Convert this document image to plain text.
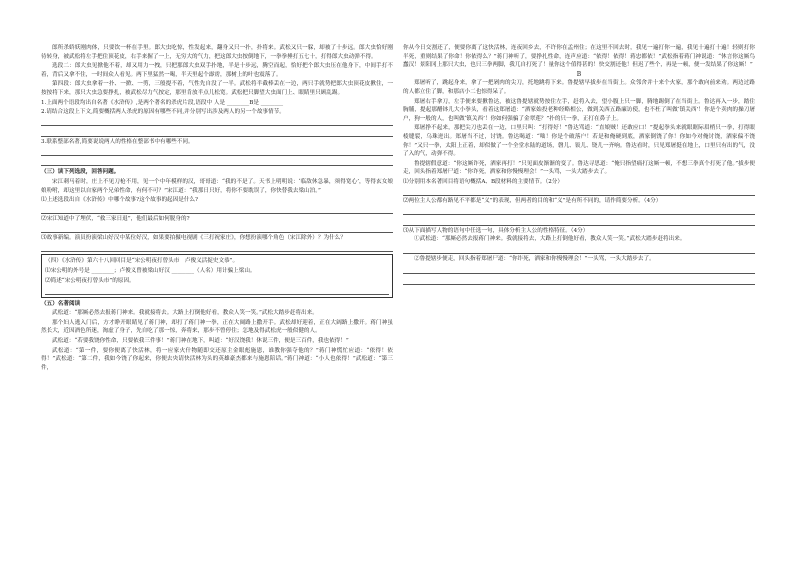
郎所杀娇妖刚肉体，只要饮一杯在手里。郎大虫吃惊，性发起来，翻身又只一扑，扑将来。武松又只一躲，却被了十步远。郎大虫恰好刚待转身，被武松将左手把住顶花皮，右手来握了一上，无穷大的气力，把这郎大虫按倒地下，一拳拳捶打五七十，打得郎大虫动弹不得。

选段二：郎大虫见掀他不着，却又用力一拽，只把那郎大虫双手扑地，半是十步远，腾空而起，恰好把个郎大虫压在他身下，中间手打不着，背后又拿不住，一时间众人看见。两下里猛然一喝，半天里起个霹雳，那树上的叶也震落了。

第四段：郎大虫拿着一扑、一掀、一剪，三般提不着，气性先自没了一半。武松将半截棒丢在一边，两只手就势把郎大虫顶花皮揪住，一按按将下来，那只大虫急要挣扎，被武松尽力气按定，那里肯放半点儿松宽。武松把只脚望大虫面门上、眼睛里只顾乱踢。

1.上面两个语段均出自名著《水浒传》,是两个著名的杀虎片段,语段中 人是 ________B是 ________

2.请结合这段上下文,简要概括两人杀虎的原因有哪些不同,并分别写出涉及两人的另一个故事情节。

3.联系整部名著,简要说说两人的性格在整部书中有哪些不同。

（三）读下列选段，回答问题。

宋江刺马着时，庄上不见刀枪不用，见一个中年模样的汉，哥哥道：“我的不是了。天书上明明说：‘临敌休急暴，须得宽心’，等得玄女娘娘吩咐，却这里以自家两个兄弟性命，有何不可？”宋江道：“我那日只好，将你不要耽误了，你快替我去梁山泊。”

⑴上述选段出自《水浒传》中哪个故事?这个故事的起因是什么?

⑵宋江知道中了埋伏，“救三家日退”，他们最后如何脱身的?

⑶故事新编。演员扮演梁山好汉中某位好汉，如果要拍摄电视剧《三打祝家庄》，你想扮演哪个角色（宋江除外）？为什么？

（四）《水浒传》第六十八回回目是“宋公明夜打曾头市　卢俊义活捉史文恭”。

⑴宋公明的外号是 ________；卢俊义曾被梁山好汉 ________（人名）用计骗上梁山。

⑵简述“宋公明夜打曾头市”的原因。

（五）名著阅读

武松道：“那厮必然去报蒋门神来。我就接将去。大路上打倒他好看，教众人笑一笑。”武松大踏步赶将出来。

那个妇人逃入门后，方才睁开眼睛见了蒋门神，却打了蒋门神一拳，正在大阔路上撒开手。武松却好迎着，正在大阔路上撒开。蒋门神虽然长大，近因酒色所迷，淘虚了身子，先自吃了那一惊，奔将来，那步不曾停住；怎地及得武松虎一般似健的人。

武松道：“若要我饶你性命，只要依我三件事！”蒋门神在地下，叫道：“好汉饶我！休说三件，便是三百件，我也依得！”

武松道：“第一件，要你便离了快活林，将一应家火什物随即交还原主金眼彪施恩，谁教你强夺他的？”蒋门神慌忙应道：“依得！依得！”武松道：“第二件，我如今饶了你起来，你便去央请快活林为头的英雄豪杰都来与施恩陪话。”蒋门神道：“小人也依得！”武松道：“第三件，

你从今日交割还了，便要你离了这快活林，连夜回乡去，不许你在孟州住；在这里不回去时，我见一遍打你一遍，我见十遍打十遍！轻则打你半死，重则结果了你命！你依得么？”蒋门神听了，要挣扎性命，连声应道：“依得！依得！蒋忠都依！”武松指着蒋门神说道：“休言你这厮鸟蠢汉！景阳冈上那只大虫，也只三拳两脚，我兀自打死了！量你这个值得甚的！快交割还他！但迟了些个，再是一顿，便一发结果了你这厮！”

B

郑屠听了，跳起身来，拿了一把剁肉的尖刀，托地跳将下来。鲁提辖早拔步在当街上。众邻舍并十来个火家，那个敢向前来劝。两边过路的人都立住了脚，和那店小二也惊得呆了。

郑屠右手拿刀，左手便来要揪鲁达，被这鲁提辖就势按住左手，赶将入去，望小腹上只一脚，腾地踢倒了在当街上。鲁达再入一步，踏住胸脯，提起那醋钵儿大小拳头，看着这郑屠道：“洒家始投老种经略相公，做到关西五路廉访使，也不枉了叫做‘镇关西’！你是个卖肉的操刀屠户，狗一般的人，也叫做‘镇关西’！你如何强骗了金翠莲？”扑的只一拳，正打在鼻子上。

郑屠挣不起来，那把尖刀也丢在一边，口里只叫：“打得好！”鲁达骂道：“直娘贼！还敢应口！”提起拳头来就眼眶际眉梢只一拳，打得眼棱缝裂，乌珠迸出。郑屠当不过，讨饶。鲁达喝道：“咄！你是个破落户！若是和俺硬到底，洒家倒饶了你！你如今对俺讨饶，洒家偏不饶你！”又只一拳，太阳上正着，却似做了一个全堂水陆的道场，磬儿、钹儿、铙儿一齐响。鲁达看时，只见郑屠挺在地上，口里只有出的气，没了入的气，动弹不得。

鲁提辖假意道：“你这厮诈死，洒家再打！”只见面皮渐渐的变了。鲁达寻思道：“俺只指望痛打这厮一顿，不想三拳真个打死了他。”拔步便走，回头指着郑屠尸道：“你诈死，洒家和你慢慢理会！”一头骂，一头大踏步去了。

⑴分别用本名著回目将语句概括A、B段材料的主要情节。（2分）

⑵两位主人公都有路见不平都是“义”的表现，但两者的目的和“义”是有所不同的，请作简要分析。（4分）

⑶从下面描写人物的语句中任选一句，具体分析主人公的性格特征。（4分）

①武松道：“那厮必然去报蒋门神来。我就接将去，大路上打倒他好看，教众人笑一笑。”武松大踏步赶将出来。

②鲁提辖步便走，回头指着郑屠尸道：“你诈死，洒家和你慢慢理会！”一头骂，一头大踏步去了。
